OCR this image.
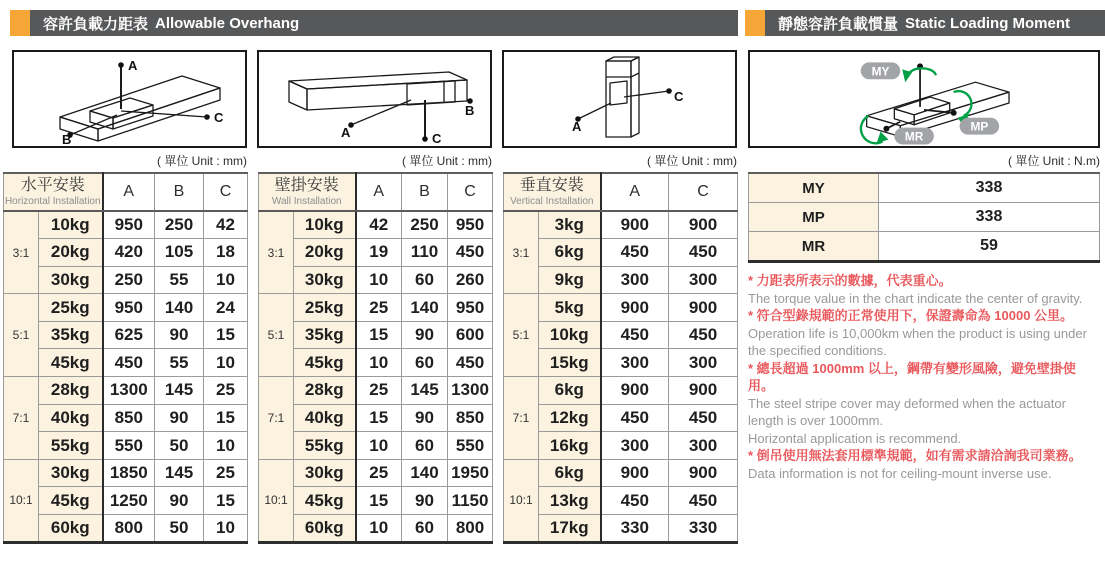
容許負載力距表 Allowable Overhang	靜態容許負載慣量 Static Loading Moment
A
B
C
A
B
C
A
C
MY
MP
MR
( 單位 Unit : mm)
水平安裝
Horizontal Installation		A	B	C
3:1	10kg	950	250	42
	20kg	420	105	18
	30kg	250	55	10
5:1	25kg	950	140	24
	35kg	625	90	15
	45kg	450	55	10
7:1	28kg	1300	145	25
	40kg	850	90	15
	55kg	550	50	10
10:1	30kg	1850	145	25
	45kg	1250	90	15
	60kg	800	50	10
( 單位 Unit : mm)
壁掛安裝
Wall Installation		A	B	C
3:1	10kg	42	250	950
	20kg	19	110	450
	30kg	10	60	260
5:1	25kg	25	140	950
	35kg	15	90	600
	45kg	10	60	450
7:1	28kg	25	145	1300
	40kg	15	90	850
	55kg	10	60	550
10:1	30kg	25	140	1950
	45kg	15	90	1150
	60kg	10	60	800
( 單位 Unit : mm)
垂直安裝
Vertical Installation		A	C
3:1	3kg	900	900
	6kg	450	450
	9kg	300	300
5:1	5kg	900	900
	10kg	450	450
	15kg	300	300
7:1	6kg	900	900
	12kg	450	450
	16kg	300	300
10:1	6kg	900	900
	13kg	450	450
	17kg	330	330
( 單位 Unit : N.m)
MY	338
MP	338
MR	59
* 力距表所表示的數據，代表重心。
The torque value in the chart indicate the center of gravity.
* 符合型錄規範的正常使用下，保證壽命為 10000 公里。
Operation life is 10,000km when the product is using under the specified conditions.
* 總長超過 1000mm 以上，鋼帶有變形風險，避免壁掛使用。
The steel stripe cover may deformed when the actuator length is over 1000mm.
Horizontal application is recommend.
* 倒吊使用無法套用標準規範，如有需求請洽詢我司業務。
Data information is not for ceiling-mount inverse use.
